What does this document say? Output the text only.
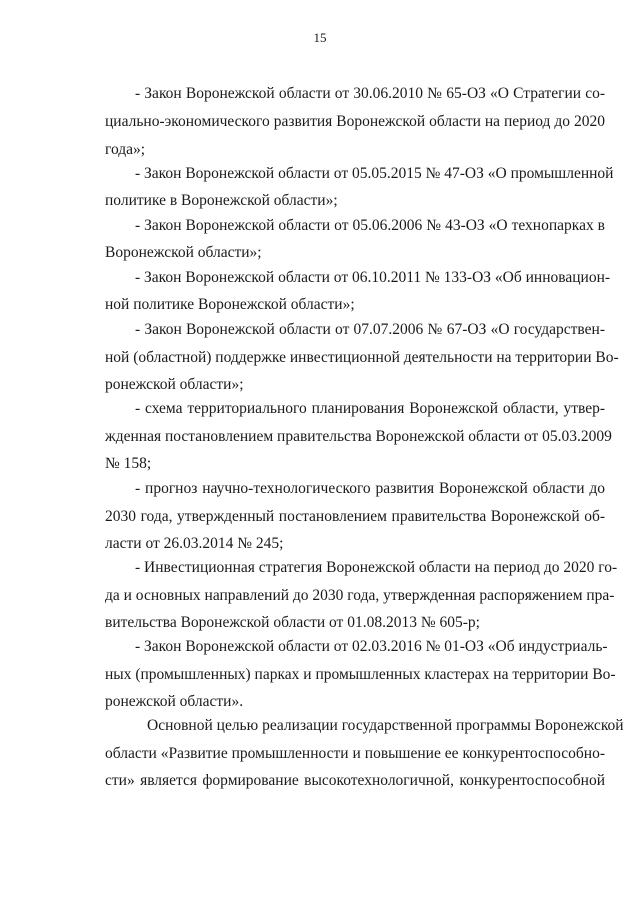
15
- Закон Воронежской области от 30.06.2010 № 65-ОЗ «О Стратегии со-
циально-экономического развития Воронежской области на период до 2020
года»;
- Закон Воронежской области от 05.05.2015 № 47-ОЗ «О промышленной
политике в Воронежской области»;
- Закон Воронежской области от 05.06.2006 № 43-ОЗ «О технопарках в
Воронежской области»;
- Закон Воронежской области от 06.10.2011 № 133-ОЗ «Об инновацион-
ной политике Воронежской области»;
- Закон Воронежской области от 07.07.2006 № 67-ОЗ «О государствен-
ной (областной) поддержке инвестиционной деятельности на территории Во-
ронежской области»;
- схема территориального планирования Воронежской области, утвер-
жденная постановлением правительства Воронежской области от 05.03.2009
№ 158;
- прогноз научно-технологического развития Воронежской области до
2030 года, утвержденный постановлением правительства Воронежской об-
ласти от 26.03.2014 № 245;
- Инвестиционная стратегия Воронежской области на период до 2020 го-
да и основных направлений до 2030 года, утвержденная распоряжением пра-
вительства Воронежской области от 01.08.2013 № 605-р;
- Закон Воронежской области от 02.03.2016 № 01-ОЗ «Об индустриаль-
ных (промышленных) парках и промышленных кластерах на территории Во-
ронежской области».
Основной целью реализации государственной программы Воронежской
области «Развитие промышленности и повышение ее конкурентоспособно-
сти» является формирование высокотехнологичной, конкурентоспособной
